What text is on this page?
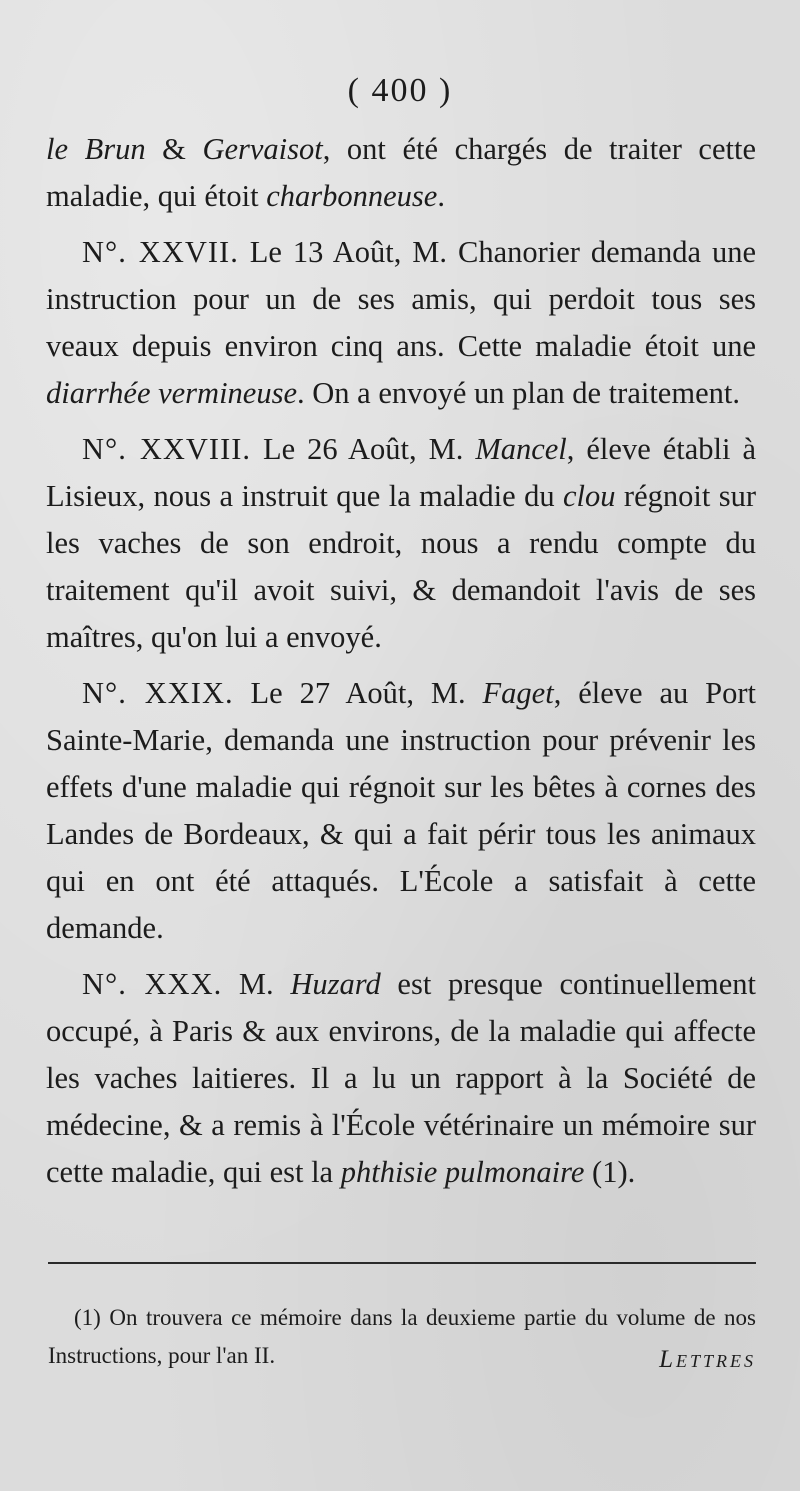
( 400 )

le Brun & Gervaisot, ont été chargés de traiter cette maladie, qui étoit charbonneuse.

N°. XXVII. Le 13 Août, M. Chanorier demanda une instruction pour un de ses amis, qui perdoit tous ses veaux depuis environ cinq ans. Cette maladie étoit une diarrhée vermineuse. On a envoyé un plan de traitement.

N°. XXVIII. Le 26 Août, M. Mancel, éleve établi à Lisieux, nous a instruit que la maladie du clou régnoit sur les vaches de son endroit, nous a rendu compte du traitement qu'il avoit suivi, & demandoit l'avis de ses maîtres, qu'on lui a envoyé.

N°. XXIX. Le 27 Août, M. Faget, éleve au Port Sainte-Marie, demanda une instruction pour prévenir les effets d'une maladie qui régnoit sur les bêtes à cornes des Landes de Bordeaux, & qui a fait périr tous les animaux qui en ont été attaqués. L'École a satisfait à cette demande.

N°. XXX. M. Huzard est presque continuellement occupé, à Paris & aux environs, de la maladie qui affecte les vaches laitieres. Il a lu un rapport à la Société de médecine, & a remis à l'École vétérinaire un mémoire sur cette maladie, qui est la phthisie pulmonaire (1).

(1) On trouvera ce mémoire dans la deuxieme partie du volume de nos Instructions, pour l'an II.	Lettres
